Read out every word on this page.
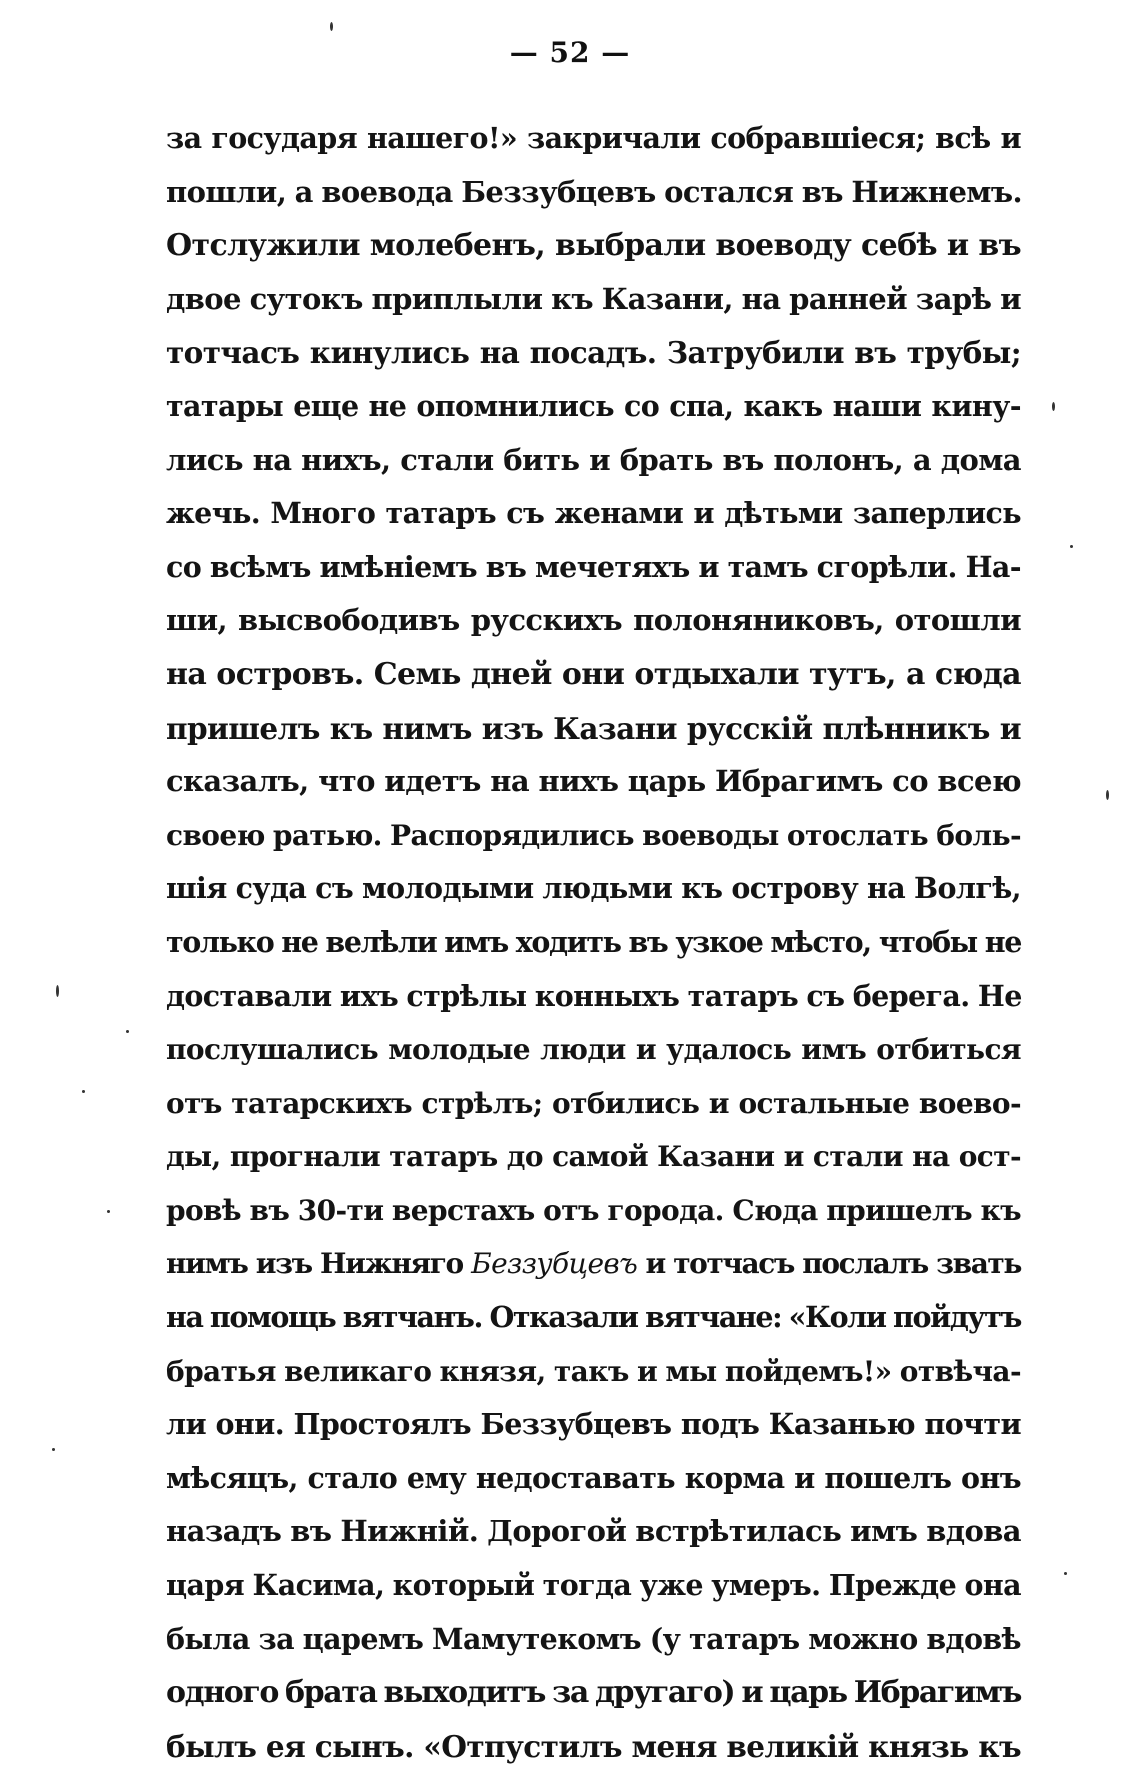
— 52 —
за государя нашего!» закричали собравшіеся; всѣ и
пошли, а воевода Беззубцевъ остался въ Нижнемъ.
Отслужили молебенъ, выбрали воеводу себѣ и въ
двое сутокъ приплыли къ Казани, на ранней зарѣ и
тотчасъ кинулись на посадъ. Затрубили въ трубы;
татары еще не опомнились со спа, какъ наши кину-
лись на нихъ, стали бить и брать въ полонъ, а дома
жечь. Много татаръ съ женами и дѣтьми заперлись
со всѣмъ имѣніемъ въ мечетяхъ и тамъ сгорѣли. На-
ши, высвободивъ русскихъ полоняниковъ, отошли
на островъ. Семь дней они отдыхали тутъ, а сюда
пришелъ къ нимъ изъ Казани русскій плѣнникъ и
сказалъ, что идетъ на нихъ царь Ибрагимъ со всею
своею ратью. Распорядились воеводы отослать боль-
шія суда съ молодыми людьми къ острову на Волгѣ,
только не велѣли имъ ходить въ узкое мѣсто, чтобы не
доставали ихъ стрѣлы конныхъ татаръ съ берега. Не
послушались молодые люди и удалось имъ отбиться
отъ татарскихъ стрѣлъ; отбились и остальные воево-
ды, прогнали татаръ до самой Казани и стали на ост-
ровѣ въ 30-ти верстахъ отъ города. Сюда пришелъ къ
нимъ изъ Нижняго Беззубцевъ и тотчасъ послалъ звать
на помощь вятчанъ. Отказали вятчане: «Коли пойдутъ
братья великаго князя, такъ и мы пойдемъ!» отвѣча-
ли они. Простоялъ Беззубцевъ подъ Казанью почти
мѣсяцъ, стало ему недоставать корма и пошелъ онъ
назадъ въ Нижній. Дорогой встрѣтилась имъ вдова
царя Касима, который тогда уже умеръ. Прежде она
была за царемъ Мамутекомъ (у татаръ можно вдовѣ
одного брата выходитъ за другаго) и царь Ибрагимъ
былъ ея сынъ. «Отпустилъ меня великій князь къ
